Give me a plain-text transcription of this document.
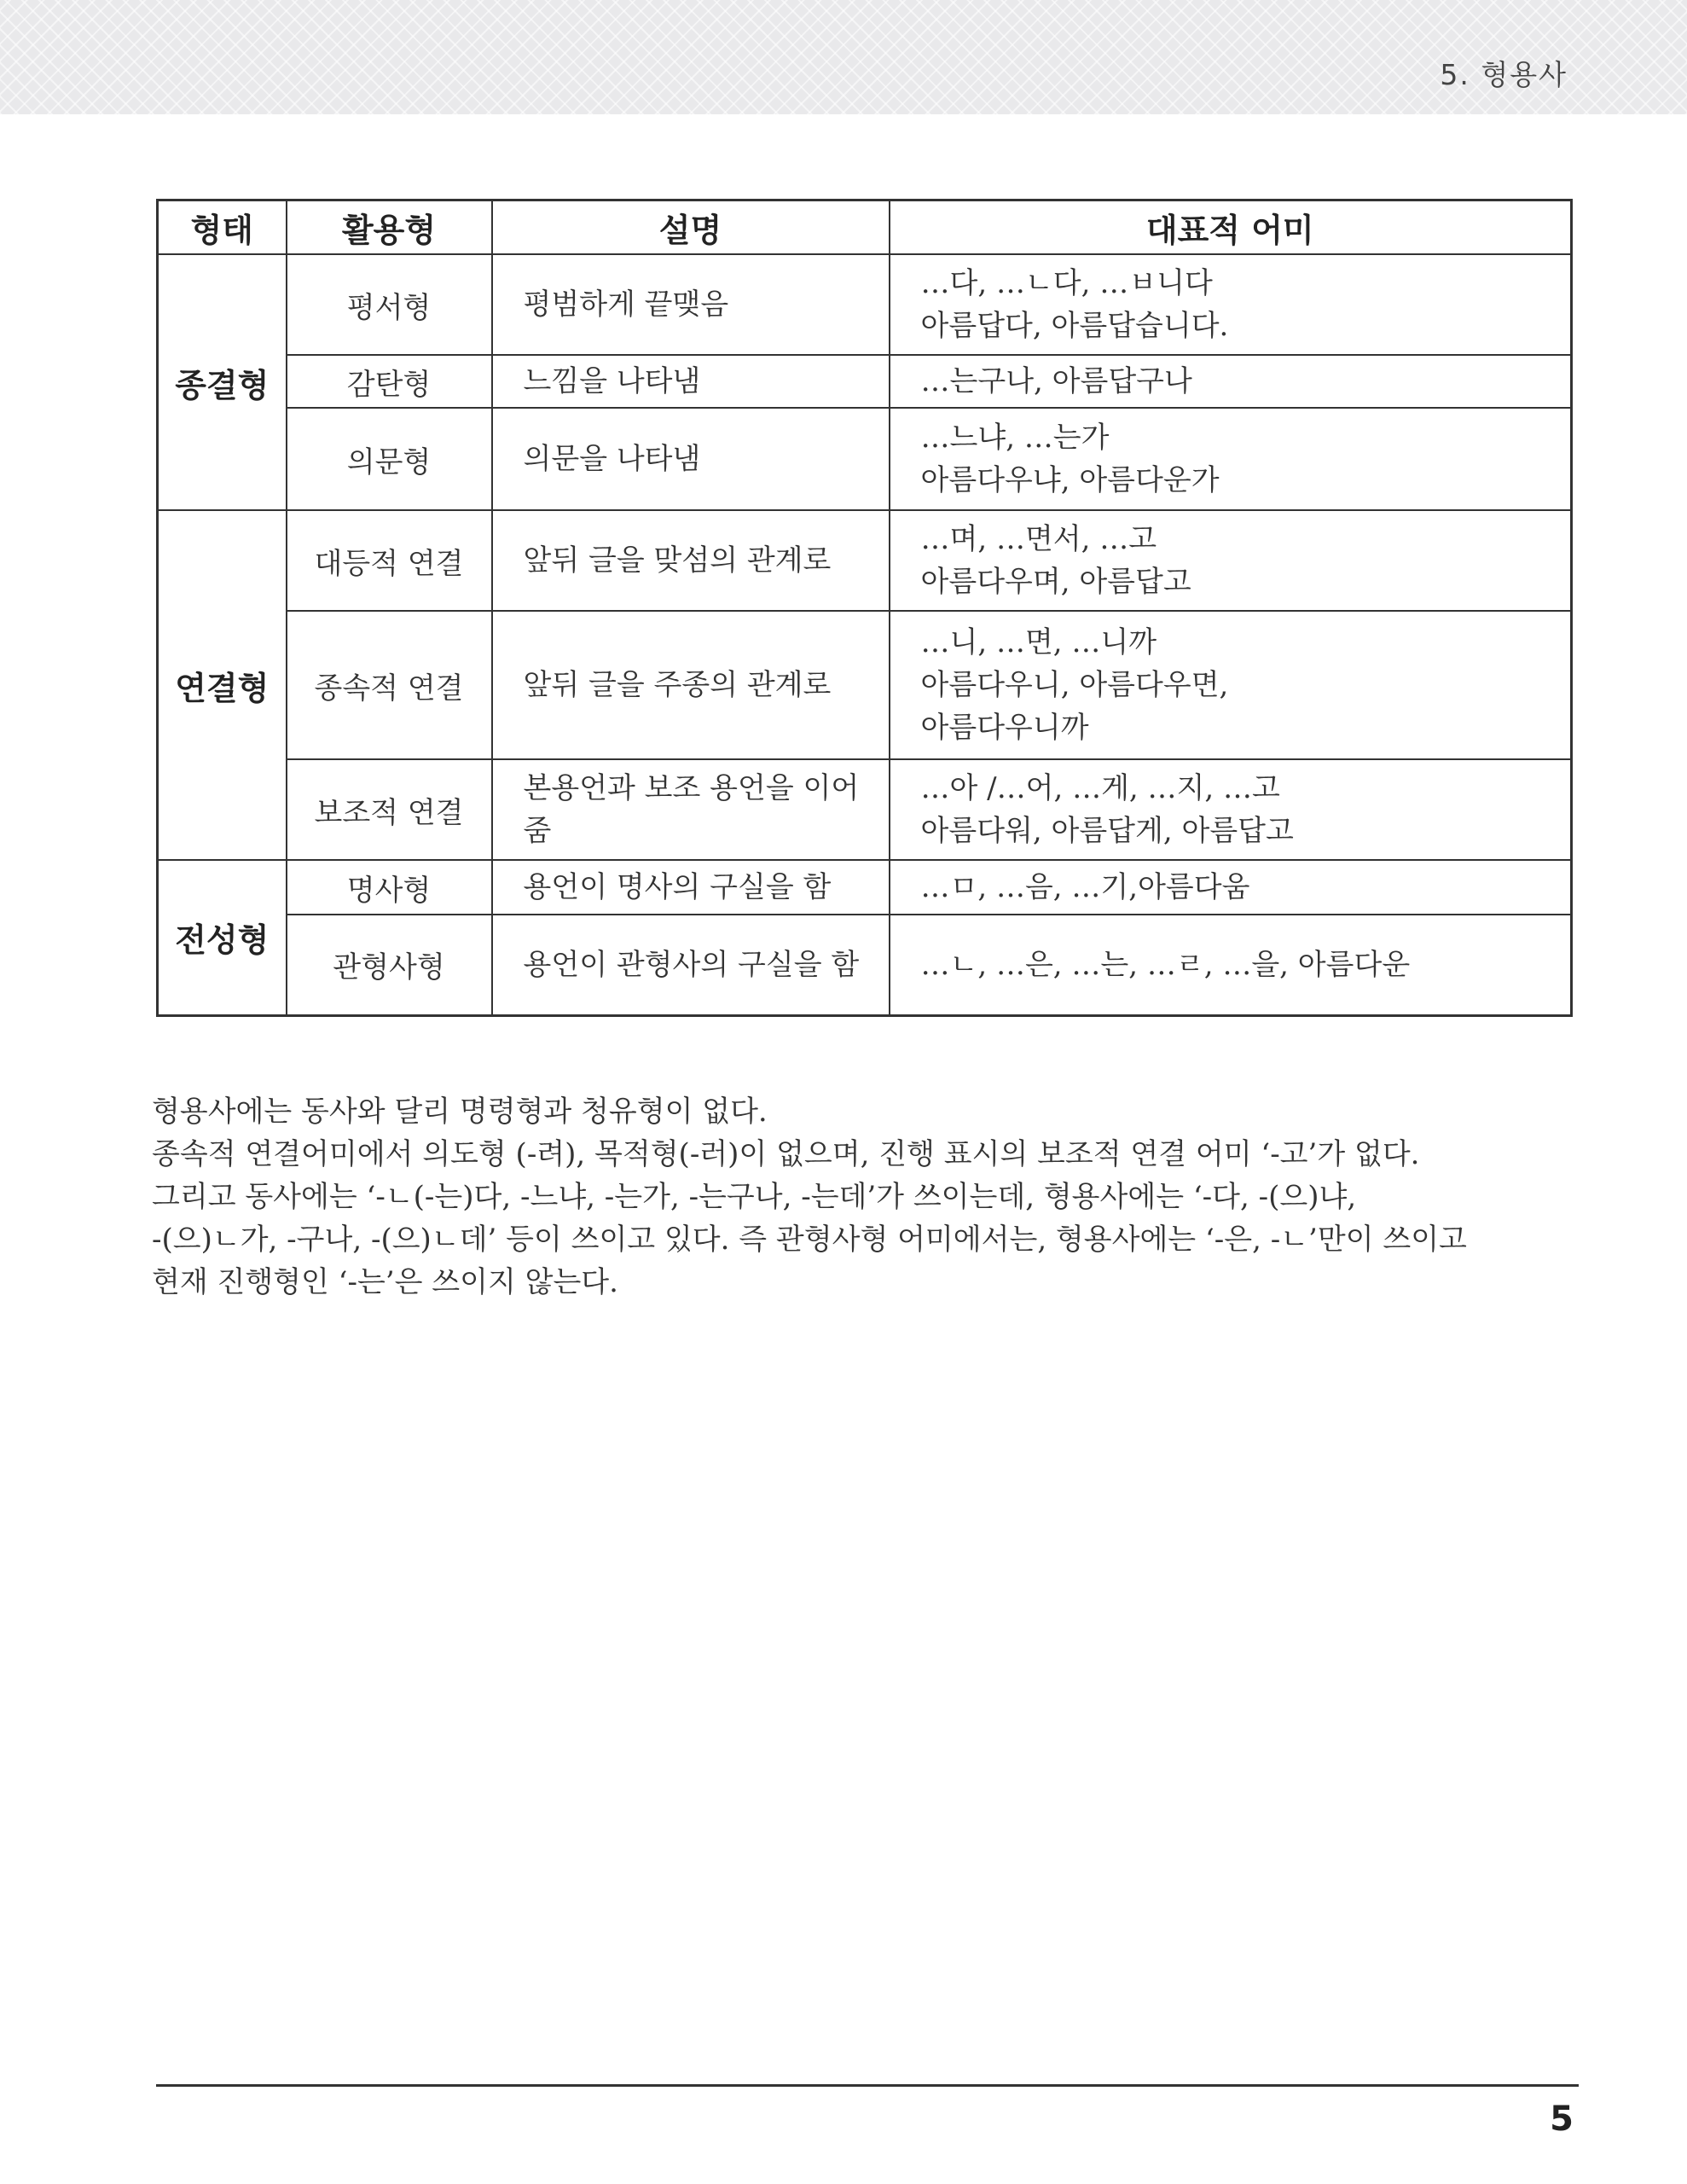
5. 형용사
형태	활용형	설명	대표적 어미
종결형	평서형	평범하게 끝맺음	…다, …ㄴ다, …ㅂ니다
아름답다, 아름답습니다.

	감탄형	느낌을 나타냄	…는구나, 아름답구나

	의문형	의문을 나타냄	…느냐, …는가
아름다우냐, 아름다운가

연결형	대등적 연결	앞뒤 글을 맞섬의 관계로	…며, …면서, …고
아름다우며, 아름답고

	종속적 연결	앞뒤 글을 주종의 관계로	…니, …면, …니까
아름다우니, 아름다우면,
아름다우니까

	보조적 연결	본용언과 보조 용언을 이어
줌	…아 /…어, …게, …지, …고
아름다워, 아름답게, 아름답고

전성형	명사형	용언이 명사의 구실을 함	…ㅁ, …음, …기,아름다움

	관형사형	용언이 관형사의 구실을 함	…ㄴ, …은, …는, …ㄹ, …을, 아름다운

형용사에는 동사와 달리 명령형과 청유형이 없다.

종속적 연결어미에서 의도형 (-려), 목적형(-러)이 없으며, 진행 표시의 보조적 연결 어미 ‘-고’가 없다.

그리고 동사에는 ‘-ㄴ(-는)다, -느냐, -는가, -는구나, -는데’가 쓰이는데, 형용사에는 ‘-다, -(으)냐,

-(으)ㄴ가, -구나, -(으)ㄴ데’ 등이 쓰이고 있다. 즉 관형사형 어미에서는, 형용사에는 ‘-은, -ㄴ’만이 쓰이고

현재 진행형인 ‘-는’은 쓰이지 않는다.

5
